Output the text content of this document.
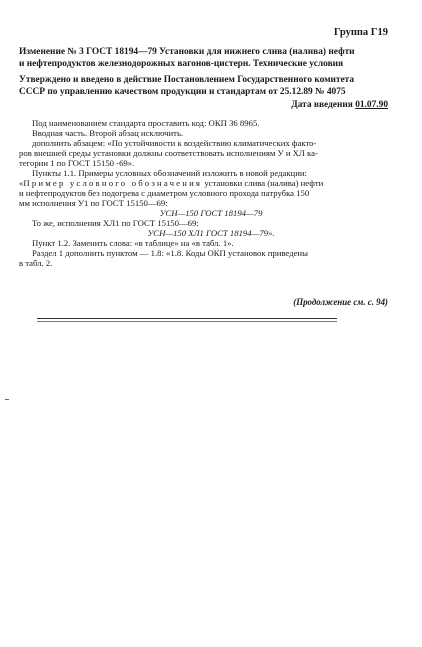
Группа Г19
Изменение № 3 ГОСТ 18194—79 Установки для нижнего слива (налива) нефти
и нефтепродуктов железнодорожных вагонов-цистерн. Технические условия
Утверждено и введено в действие Постановлением Государственного комитета
СССР по управлению качеством продукции и стандартам от 25.12.89 № 4075
Дата введения 01.07.90
Под наименованием стандарта проставить код: ОКП 36 8965.
Вводная часть. Второй абзац исключить.
дополнить абзацем: «По устойчивости к воздействию климатических факто-
ров внешней среды установки должны соответствовать исполнениям У и ХЛ ка-
тегории 1 по ГОСТ 15150 -69».
Пункты 1.1. Примеры условных обозначений изложить в новой редакции:
«Пример условного обозначения установки слива (налива) нефти
и нефтепродуктов без подогрева с диаметром условного прохода патрубка 150
мм исполнения У1 по ГОСТ 15150—69:
УСН—150 ГОСТ 18194—79
То же, исполнения ХЛ1 по ГОСТ 15150—69:
УСН—150 ХЛ1 ГОСТ 18194—79».
Пункт 1.2. Заменить слова: «в таблице» на «в табл. 1».
Раздел 1 дополнить пунктом — 1.8: «1.8. Коды ОКП установок приведены
в табл. 2.
(Продолжение см. с. 94)
